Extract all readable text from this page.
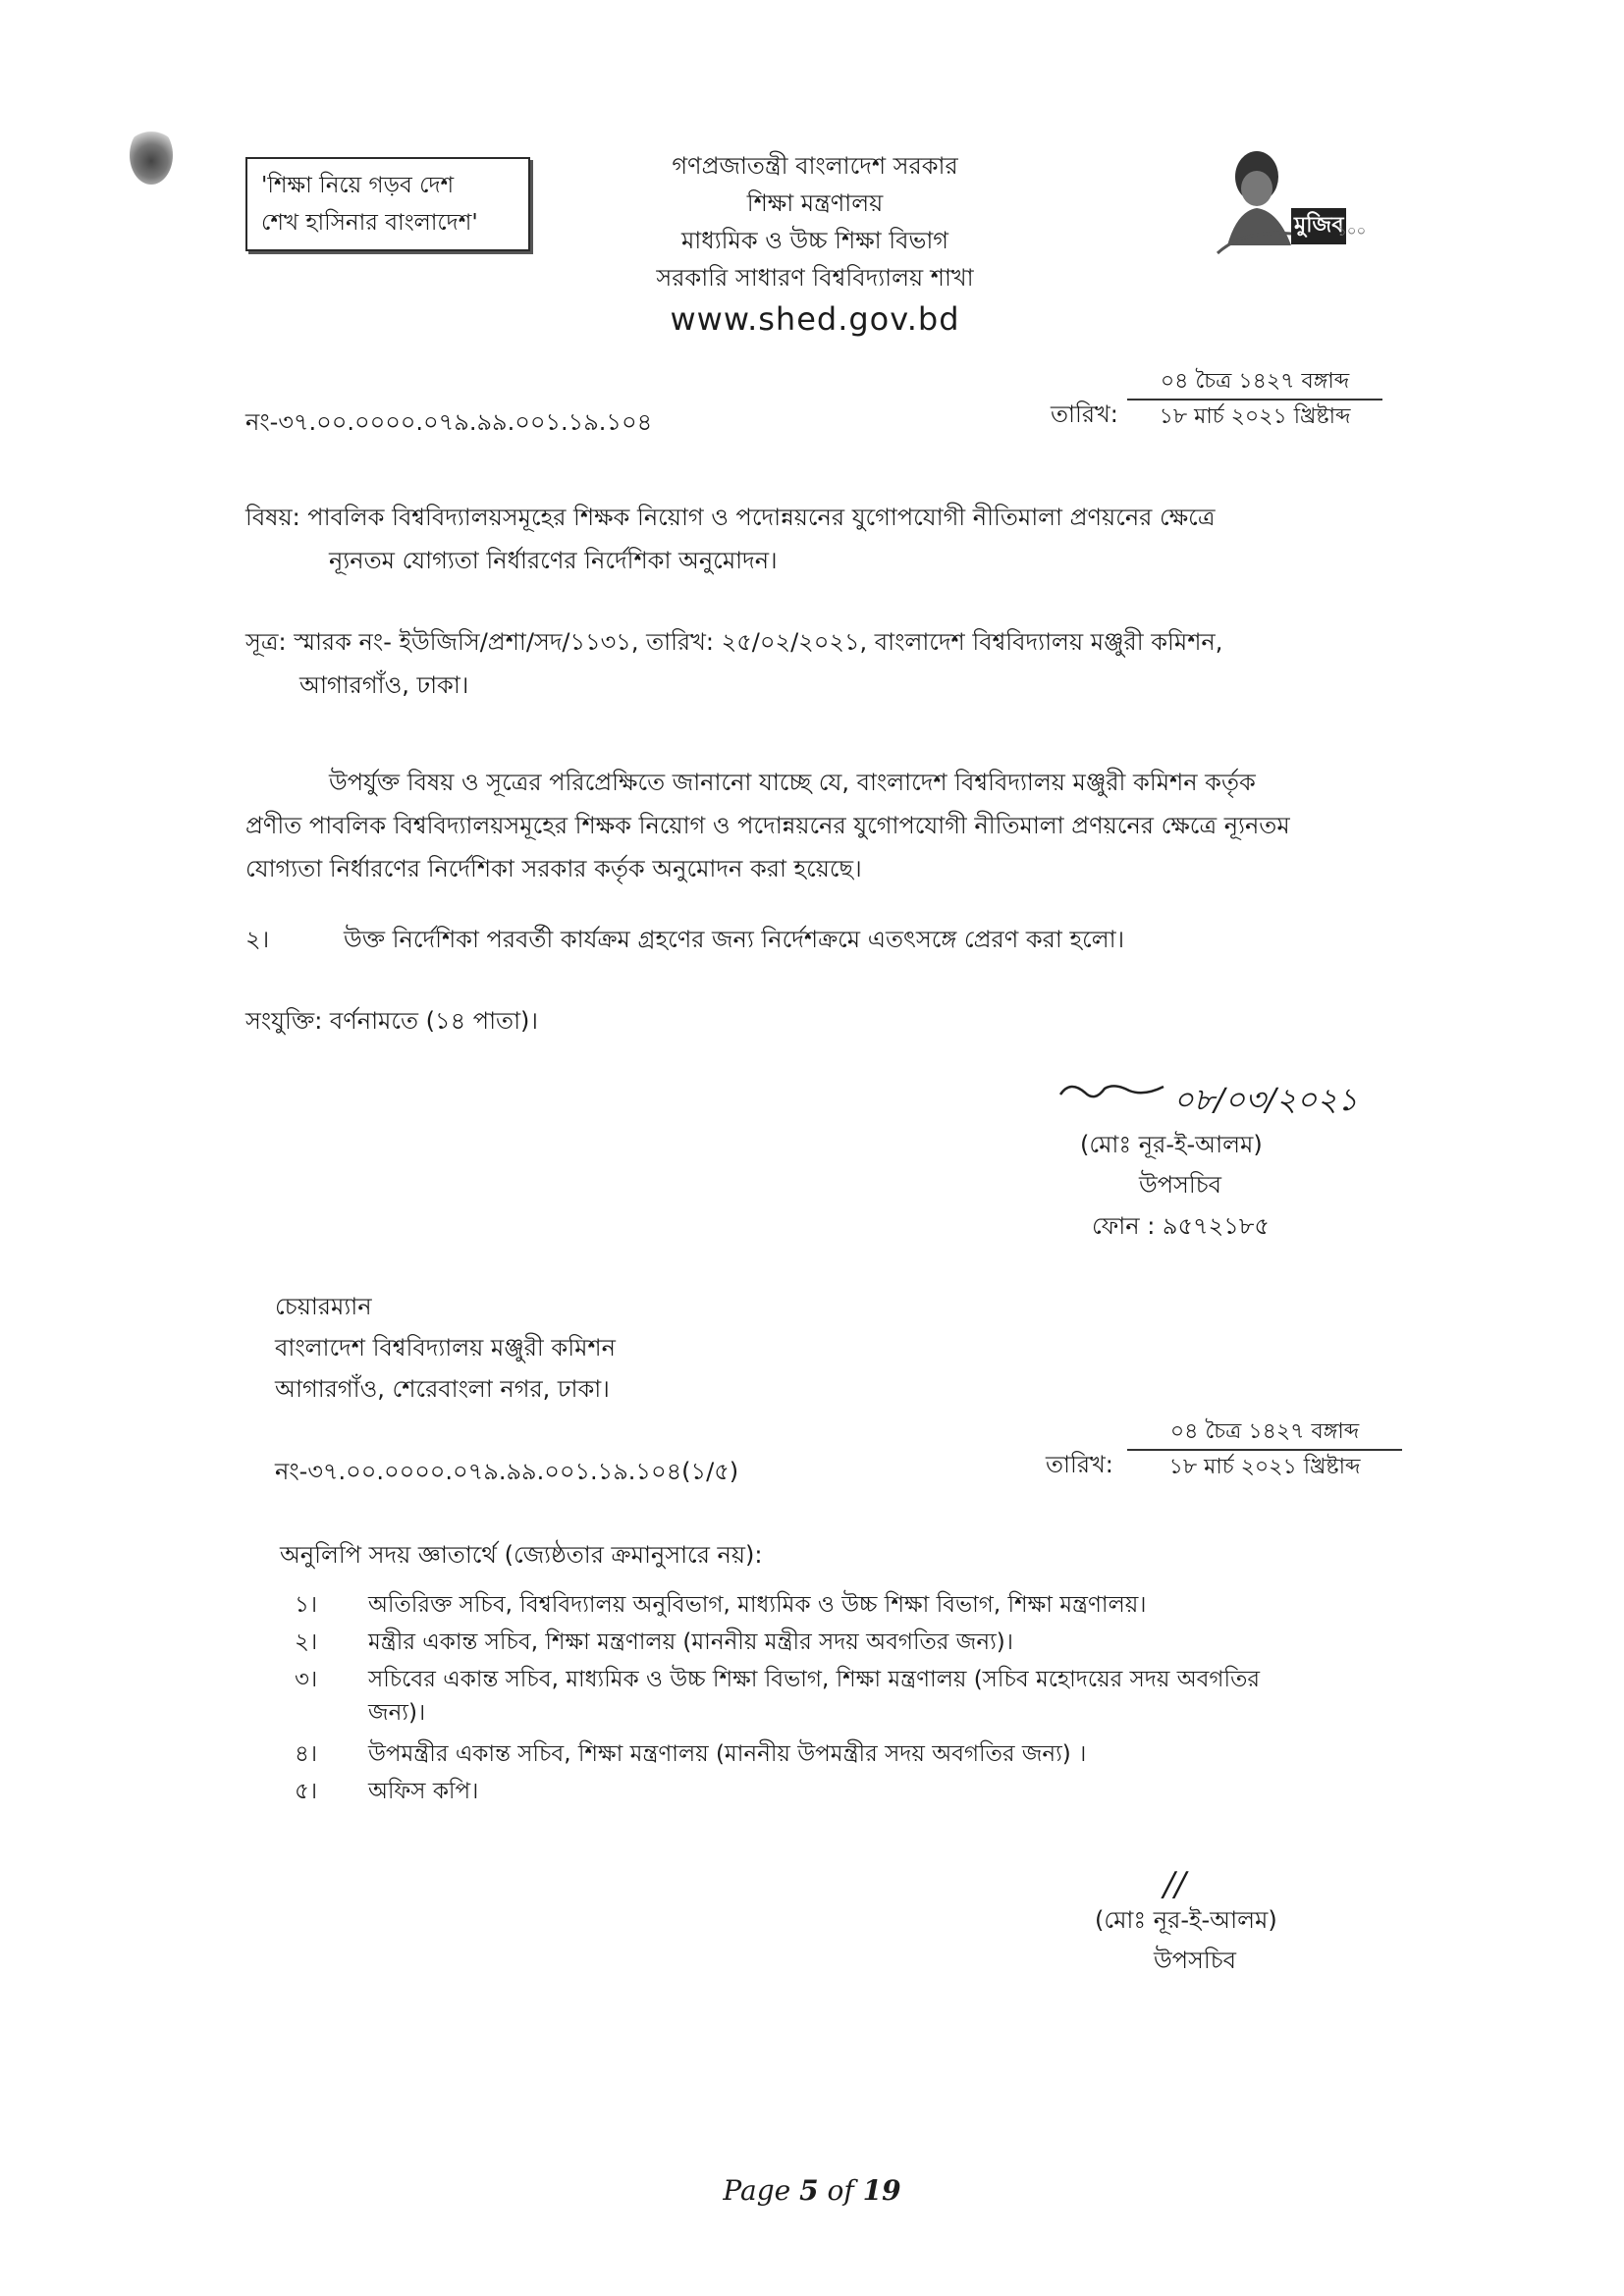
'শিক্ষা নিয়ে গড়ব দেশ
শেখ হাসিনার বাংলাদেশ'
গণপ্রজাতন্ত্রী বাংলাদেশ সরকার
শিক্ষা মন্ত্রণালয়
মাধ্যমিক ও উচ্চ শিক্ষা বিভাগ
সরকারি সাধারণ বিশ্ববিদ্যালয় শাখা
www.shed.gov.bd
মুজিব
১০০
নং-৩৭.০০.০০০০.০৭৯.৯৯.০০১.১৯.১০৪	তারিখ:
০৪ চৈত্র ১৪২৭ বঙ্গাব্দ
১৮ মার্চ ২০২১ খ্রিষ্টাব্দ
বিষয়: পাবলিক বিশ্ববিদ্যালয়সমূহের শিক্ষক নিয়োগ ও পদোন্নয়নের যুগোপযোগী নীতিমালা প্রণয়নের ক্ষেত্রে
ন্যূনতম যোগ্যতা নির্ধারণের নির্দেশিকা অনুমোদন।
সূত্র: স্মারক নং- ইউজিসি/প্রশা/সদ/১১৩১, তারিখ: ২৫/০২/২০২১, বাংলাদেশ বিশ্ববিদ্যালয় মঞ্জুরী কমিশন,
আগারগাঁও, ঢাকা।
উপর্যুক্ত বিষয় ও সূত্রের পরিপ্রেক্ষিতে জানানো যাচ্ছে যে, বাংলাদেশ বিশ্ববিদ্যালয় মঞ্জুরী কমিশন কর্তৃক
প্রণীত পাবলিক বিশ্ববিদ্যালয়সমূহের শিক্ষক নিয়োগ ও পদোন্নয়নের যুগোপযোগী নীতিমালা প্রণয়নের ক্ষেত্রে ন্যূনতম
যোগ্যতা নির্ধারণের নির্দেশিকা সরকার কর্তৃক অনুমোদন করা হয়েছে।
২।	উক্ত নির্দেশিকা পরবর্তী কার্যক্রম গ্রহণের জন্য নির্দেশক্রমে এতৎসঙ্গে প্রেরণ করা হলো।
সংযুক্তি: বর্ণনামতে (১৪ পাতা)।
০৮/০৩/২০২১
(মোঃ নূর-ই-আলম)
উপসচিব
ফোন : ৯৫৭২১৮৫
চেয়ারম্যান
বাংলাদেশ বিশ্ববিদ্যালয় মঞ্জুরী কমিশন
আগারগাঁও, শেরেবাংলা নগর, ঢাকা।
নং-৩৭.০০.০০০০.০৭৯.৯৯.০০১.১৯.১০৪(১/৫)	তারিখ:
০৪ চৈত্র ১৪২৭ বঙ্গাব্দ
১৮ মার্চ ২০২১ খ্রিষ্টাব্দ
অনুলিপি সদয় জ্ঞাতার্থে (জ্যেষ্ঠতার ক্রমানুসারে নয়):
১। অতিরিক্ত সচিব, বিশ্ববিদ্যালয় অনুবিভাগ, মাধ্যমিক ও উচ্চ শিক্ষা বিভাগ, শিক্ষা মন্ত্রণালয়।
২। মন্ত্রীর একান্ত সচিব, শিক্ষা মন্ত্রণালয় (মাননীয় মন্ত্রীর সদয় অবগতির জন্য)।
৩। সচিবের একান্ত সচিব, মাধ্যমিক ও উচ্চ শিক্ষা বিভাগ, শিক্ষা মন্ত্রণালয় (সচিব মহোদয়ের সদয় অবগতির
জন্য)।
৪। উপমন্ত্রীর একান্ত সচিব, শিক্ষা মন্ত্রণালয় (মাননীয় উপমন্ত্রীর সদয় অবগতির জন্য) ।
৫। অফিস কপি।
//
(মোঃ নূর-ই-আলম)
উপসচিব
Page 5 of 19
